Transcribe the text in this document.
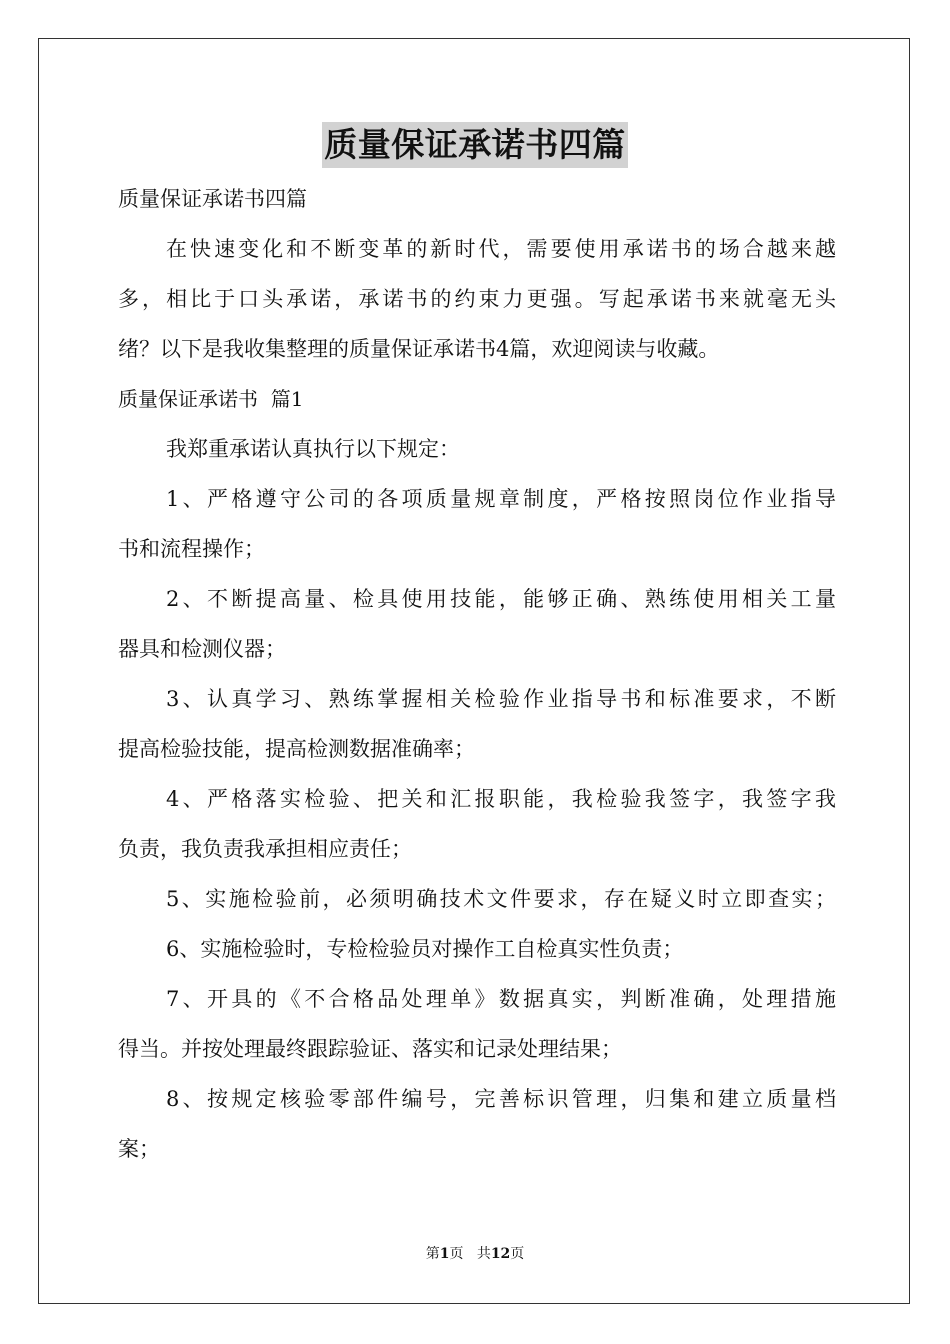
质量保证承诺书四篇
质量保证承诺书四篇
在快速变化和不断变革的新时代，需要使用承诺书的场合越来越
多，相比于口头承诺，承诺书的约束力更强。写起承诺书来就毫无头
绪？以下是我收集整理的质量保证承诺书4篇，欢迎阅读与收藏。
质量保证承诺书  篇1
我郑重承诺认真执行以下规定：
1、严格遵守公司的各项质量规章制度，严格按照岗位作业指导
书和流程操作；
2、不断提高量、检具使用技能，能够正确、熟练使用相关工量
器具和检测仪器；
3、认真学习、熟练掌握相关检验作业指导书和标准要求，不断
提高检验技能，提高检测数据准确率；
4、严格落实检验、把关和汇报职能，我检验我签字，我签字我
负责，我负责我承担相应责任；
5、实施检验前，必须明确技术文件要求，存在疑义时立即查实；
6、实施检验时，专检检验员对操作工自检真实性负责；
7、开具的《不合格品处理单》数据真实，判断准确，处理措施
得当。并按处理最终跟踪验证、落实和记录处理结果；
8、按规定核验零部件编号，完善标识管理，归集和建立质量档
案；
第1页 共12页
